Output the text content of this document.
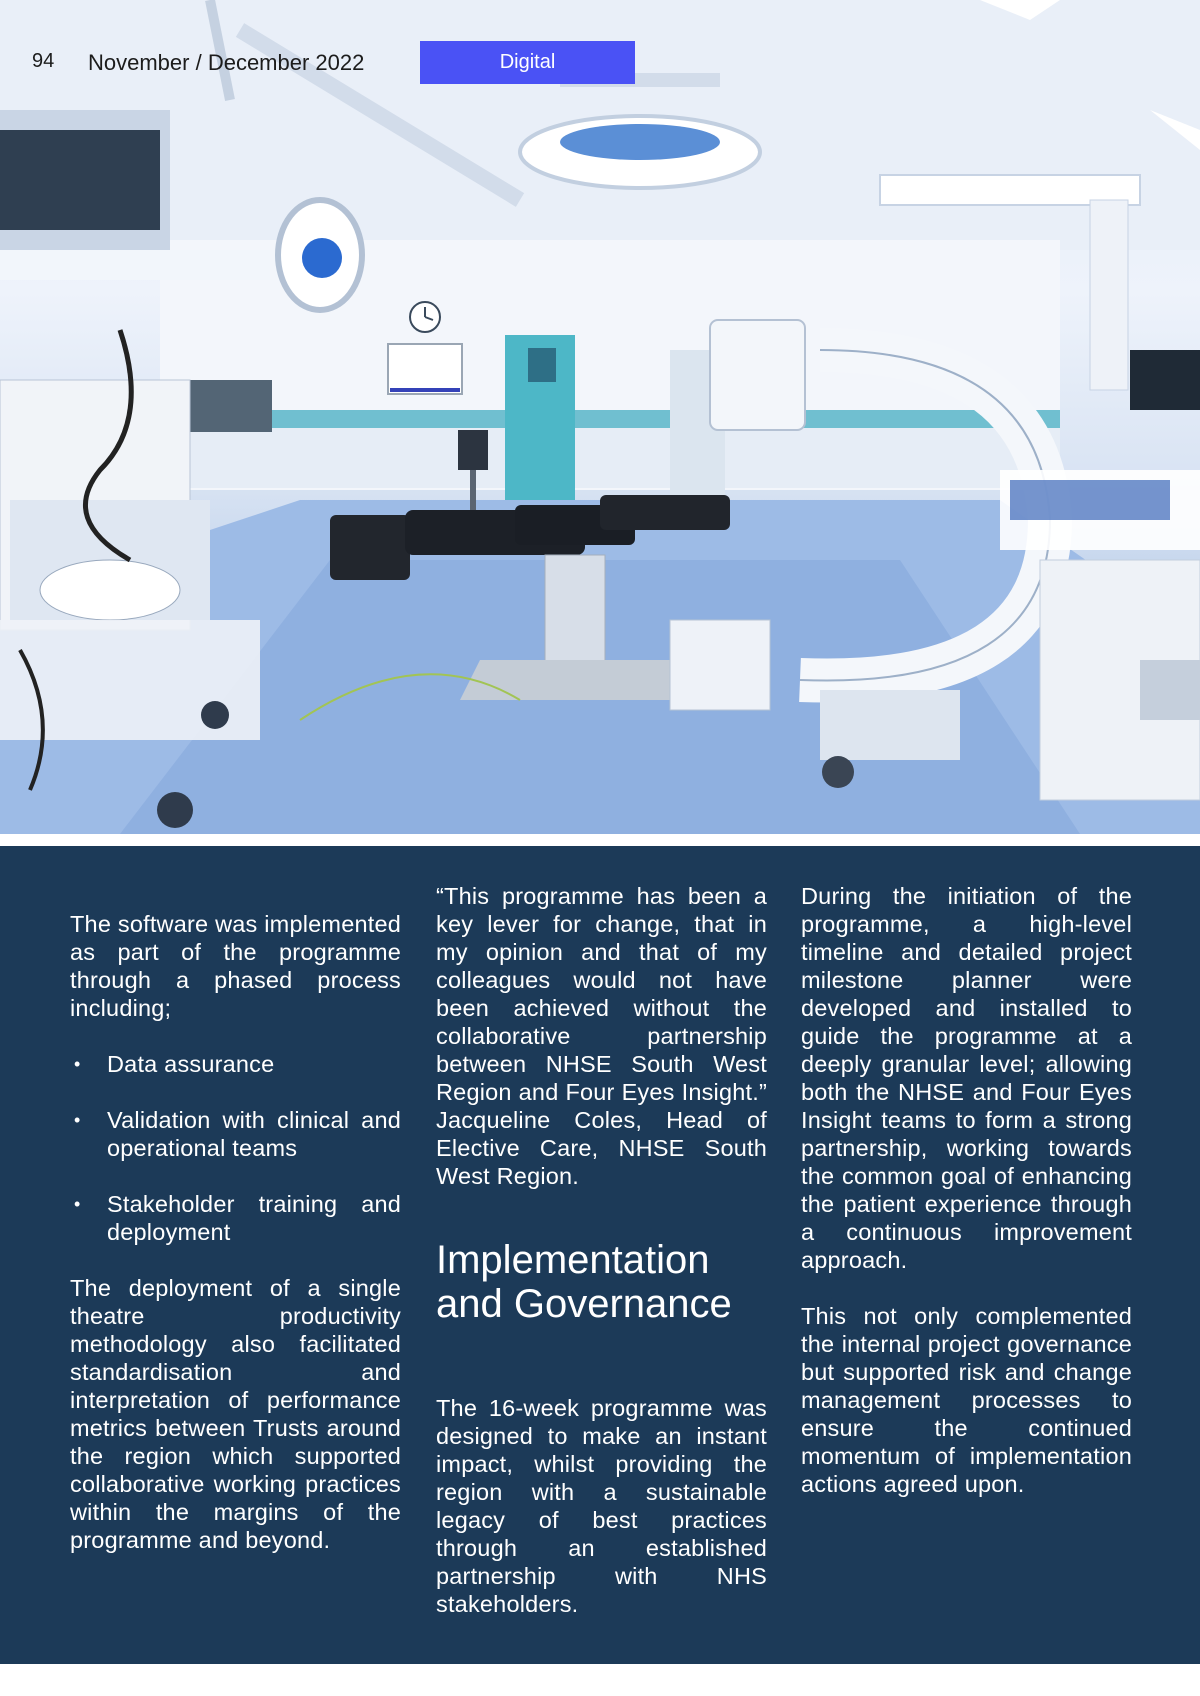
94 November / December 2022	Digital

The software was implemented as part of the programme through a phased process including;

• Data assurance
• Validation with clinical and operational teams
• Stakeholder training and deployment

The deployment of a single theatre productivity methodology also facilitated standardisation and interpretation of performance metrics between Trusts around the region which supported collaborative working practices within the margins of the programme and beyond.

“This programme has been a key lever for change, that in my opinion and that of my colleagues would not have been achieved without the collaborative partnership between NHSE South West Region and Four Eyes Insight.” Jacqueline Coles, Head of Elective Care, NHSE South West Region.

Implementation and Governance

The 16-week programme was designed to make an instant impact, whilst providing the region with a sustainable legacy of best practices through an established partnership with NHS stakeholders.

During the initiation of the programme, a high-level timeline and detailed project milestone planner were developed and installed to guide the programme at a deeply granular level; allowing both the NHSE and Four Eyes Insight teams to form a strong partnership, working towards the common goal of enhancing the patient experience through a continuous improvement approach.

This not only complemented the internal project governance but supported risk and change management processes to ensure the continued momentum of implementation actions agreed upon.
